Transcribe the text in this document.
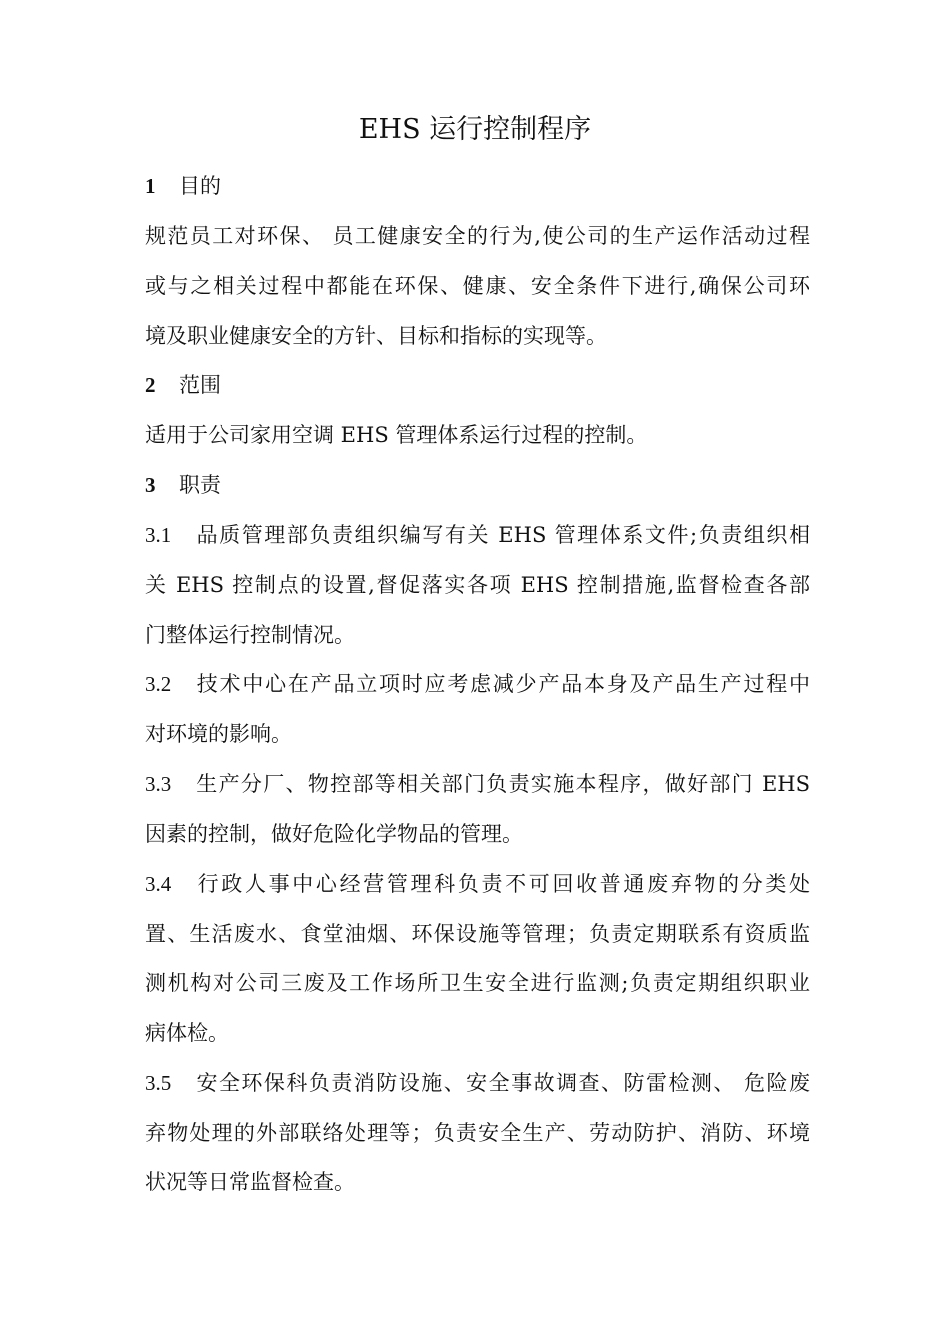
EHS 运行控制程序

1 目的

规范员工对环保、 员工健康安全的行为,使公司的生产运作活动过程

或与之相关过程中都能在环保、健康、安全条件下进行,确保公司环

境及职业健康安全的方针、目标和指标的实现等。

2 范围

适用于公司家用空调 EHS 管理体系运行过程的控制。

3 职责

3.1 品质管理部负责组织编写有关 EHS 管理体系文件;负责组织相

关 EHS 控制点的设置,督促落实各项 EHS 控制措施,监督检查各部

门整体运行控制情况。

3.2 技术中心在产品立项时应考虑减少产品本身及产品生产过程中

对环境的影响。

3.3 生产分厂、物控部等相关部门负责实施本程序，做好部门 EHS

因素的控制，做好危险化学物品的管理。

3.4 行政人事中心经营管理科负责不可回收普通废弃物的分类处

置、生活废水、食堂油烟、环保设施等管理；负责定期联系有资质监

测机构对公司三废及工作场所卫生安全进行监测;负责定期组织职业

病体检。

3.5 安全环保科负责消防设施、安全事故调查、防雷检测、 危险废

弃物处理的外部联络处理等；负责安全生产、劳动防护、消防、环境

状况等日常监督检查。
